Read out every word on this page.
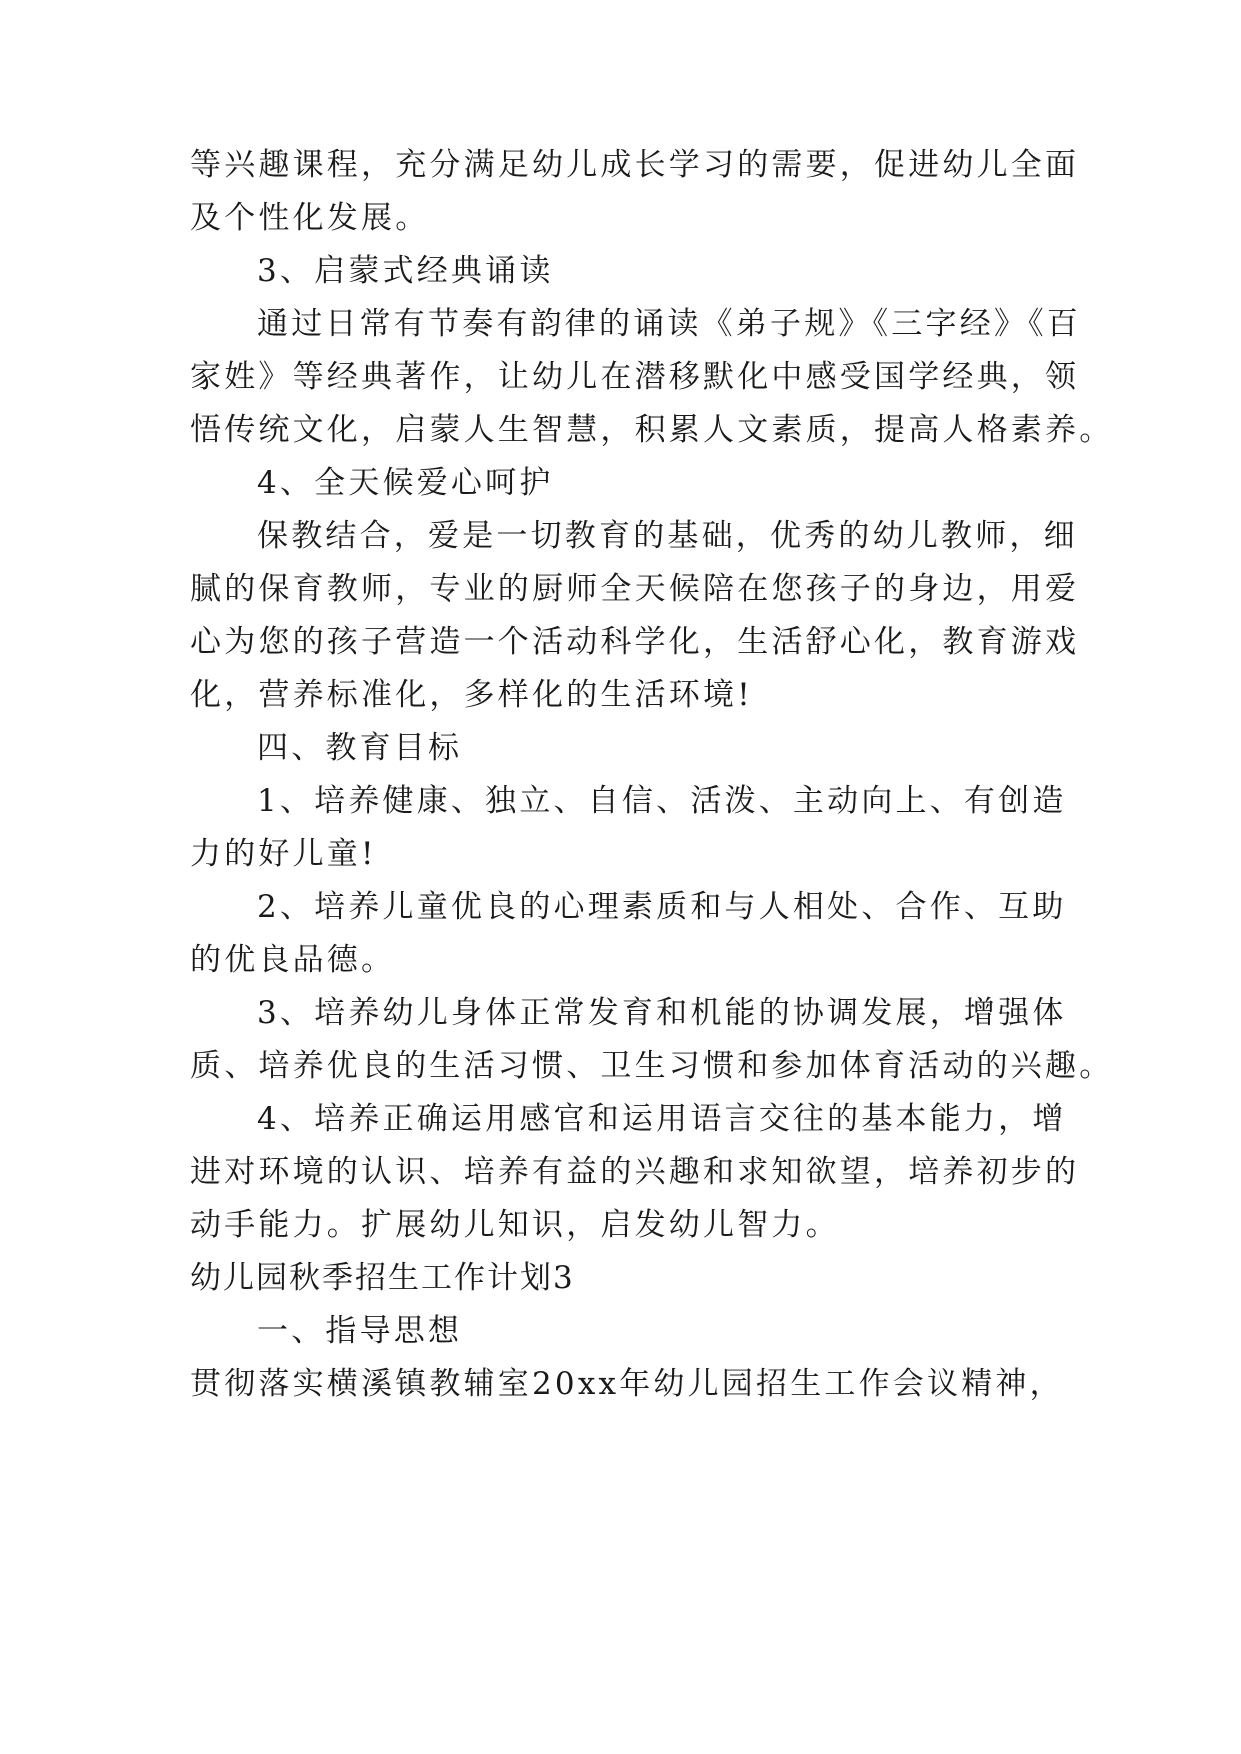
等兴趣课程，充分满足幼儿成长学习的需要，促进幼儿全面
及个性化发展。
3、启蒙式经典诵读
通过日常有节奏有韵律的诵读《弟子规》《三字经》《百
家姓》等经典著作，让幼儿在潜移默化中感受国学经典，领
悟传统文化，启蒙人生智慧，积累人文素质，提高人格素养。
4、全天候爱心呵护
保教结合，爱是一切教育的基础，优秀的幼儿教师，细
腻的保育教师，专业的厨师全天候陪在您孩子的身边，用爱
心为您的孩子营造一个活动科学化，生活舒心化，教育游戏
化，营养标准化，多样化的生活环境!
四、教育目标
1、培养健康、独立、自信、活泼、主动向上、有创造
力的好儿童!
2、培养儿童优良的心理素质和与人相处、合作、互助
的优良品德。
3、培养幼儿身体正常发育和机能的协调发展，增强体
质、培养优良的生活习惯、卫生习惯和参加体育活动的兴趣。
4、培养正确运用感官和运用语言交往的基本能力，增
进对环境的认识、培养有益的兴趣和求知欲望，培养初步的
动手能力。扩展幼儿知识，启发幼儿智力。
幼儿园秋季招生工作计划3
一、指导思想
贯彻落实横溪镇教辅室20xx年幼儿园招生工作会议精神，
